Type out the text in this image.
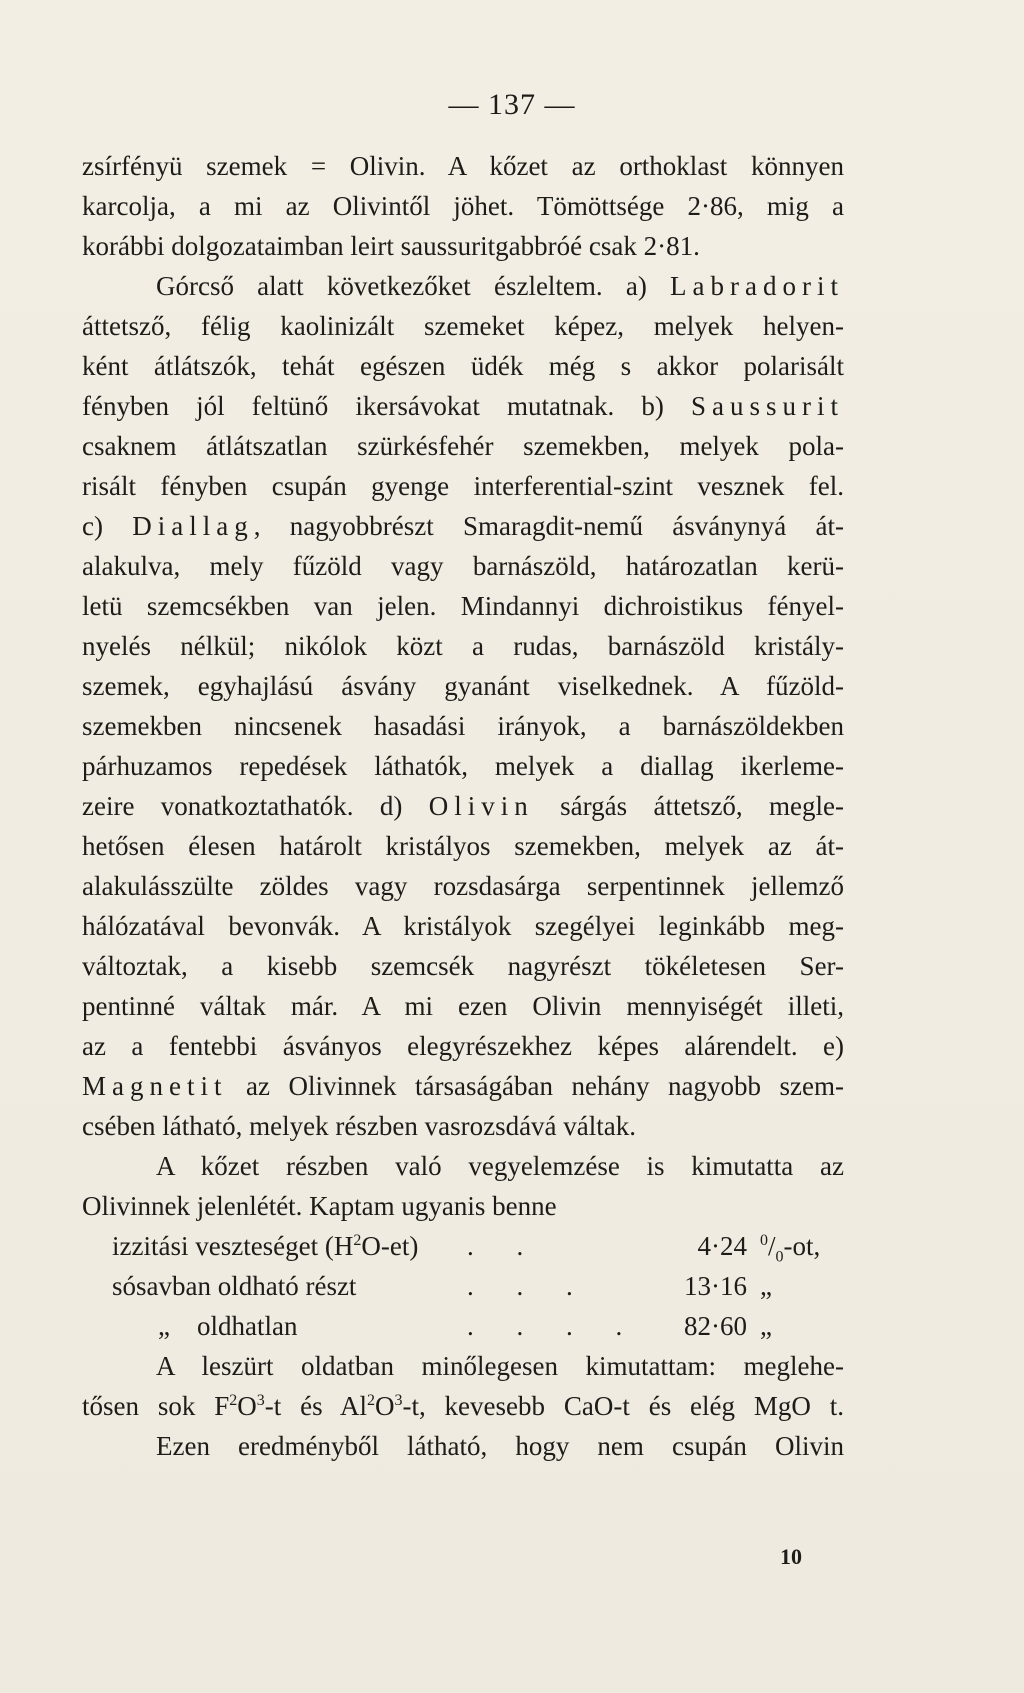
— 137 —
zsírfényü szemek = Olivin. A kőzet az orthoklast könnyen
karcolja, a mi az Olivintől jöhet. Tömöttsége 2·86, mig a
korábbi dolgozataimban leirt saussuritgabbróé csak 2·81.
Górcső alatt következőket észleltem. a) Labradorit
áttetsző, félig kaolinizált szemeket képez, melyek helyen-
ként átlátszók, tehát egészen üdék még s akkor polarisált
fényben jól feltünő ikersávokat mutatnak. b) Saussurit
csaknem átlátszatlan szürkésfehér szemekben, melyek pola-
risált fényben csupán gyenge interferential-szint vesznek fel.
c) Diallag, nagyobbrészt Smaragdit-nemű ásványnyá át-
alakulva, mely fűzöld vagy barnászöld, határozatlan kerü-
letü szemcsékben van jelen. Mindannyi dichroistikus fényel-
nyelés nélkül; nikólok közt a rudas, barnászöld kristály-
szemek, egyhajlású ásvány gyanánt viselkednek. A fűzöld-
szemekben nincsenek hasadási irányok, a barnászöldekben
párhuzamos repedések láthatók, melyek a diallag ikerleme-
zeire vonatkoztathatók. d) Olivin sárgás áttetsző, megle-
hetősen élesen határolt kristályos szemekben, melyek az át-
alakulásszülte zöldes vagy rozsdasárga serpentinnek jellemző
hálózatával bevonvák. A kristályok szegélyei leginkább meg-
változtak, a kisebb szemcsék nagyrészt tökéletesen Ser-
pentinné váltak már. A mi ezen Olivin mennyiségét illeti,
az a fentebbi ásványos elegyrészekhez képes alárendelt. e)
Magnetit az Olivinnek társaságában nehány nagyobb szem-
csében látható, melyek részben vasrozsdává váltak.
A kőzet részben való vegyelemzése is kimutatta az
Olivinnek jelenlétét. Kaptam ugyanis benne
izzitási veszteséget $(H^2O-et)$ . .	4·24 $^0/_0-ot$,
sósavban oldható részt	. . .	13·16 „
„ oldhatlan	. . . .	82·60 „
A leszürt oldatban minőlegesen kimutattam: meglehe-
tősen sok $F^2O^3-t$ és $Al^2O^3-t$, kevesebb CaO-t és elég MgO t.
Ezen eredményből látható, hogy nem csupán Olivin
10
